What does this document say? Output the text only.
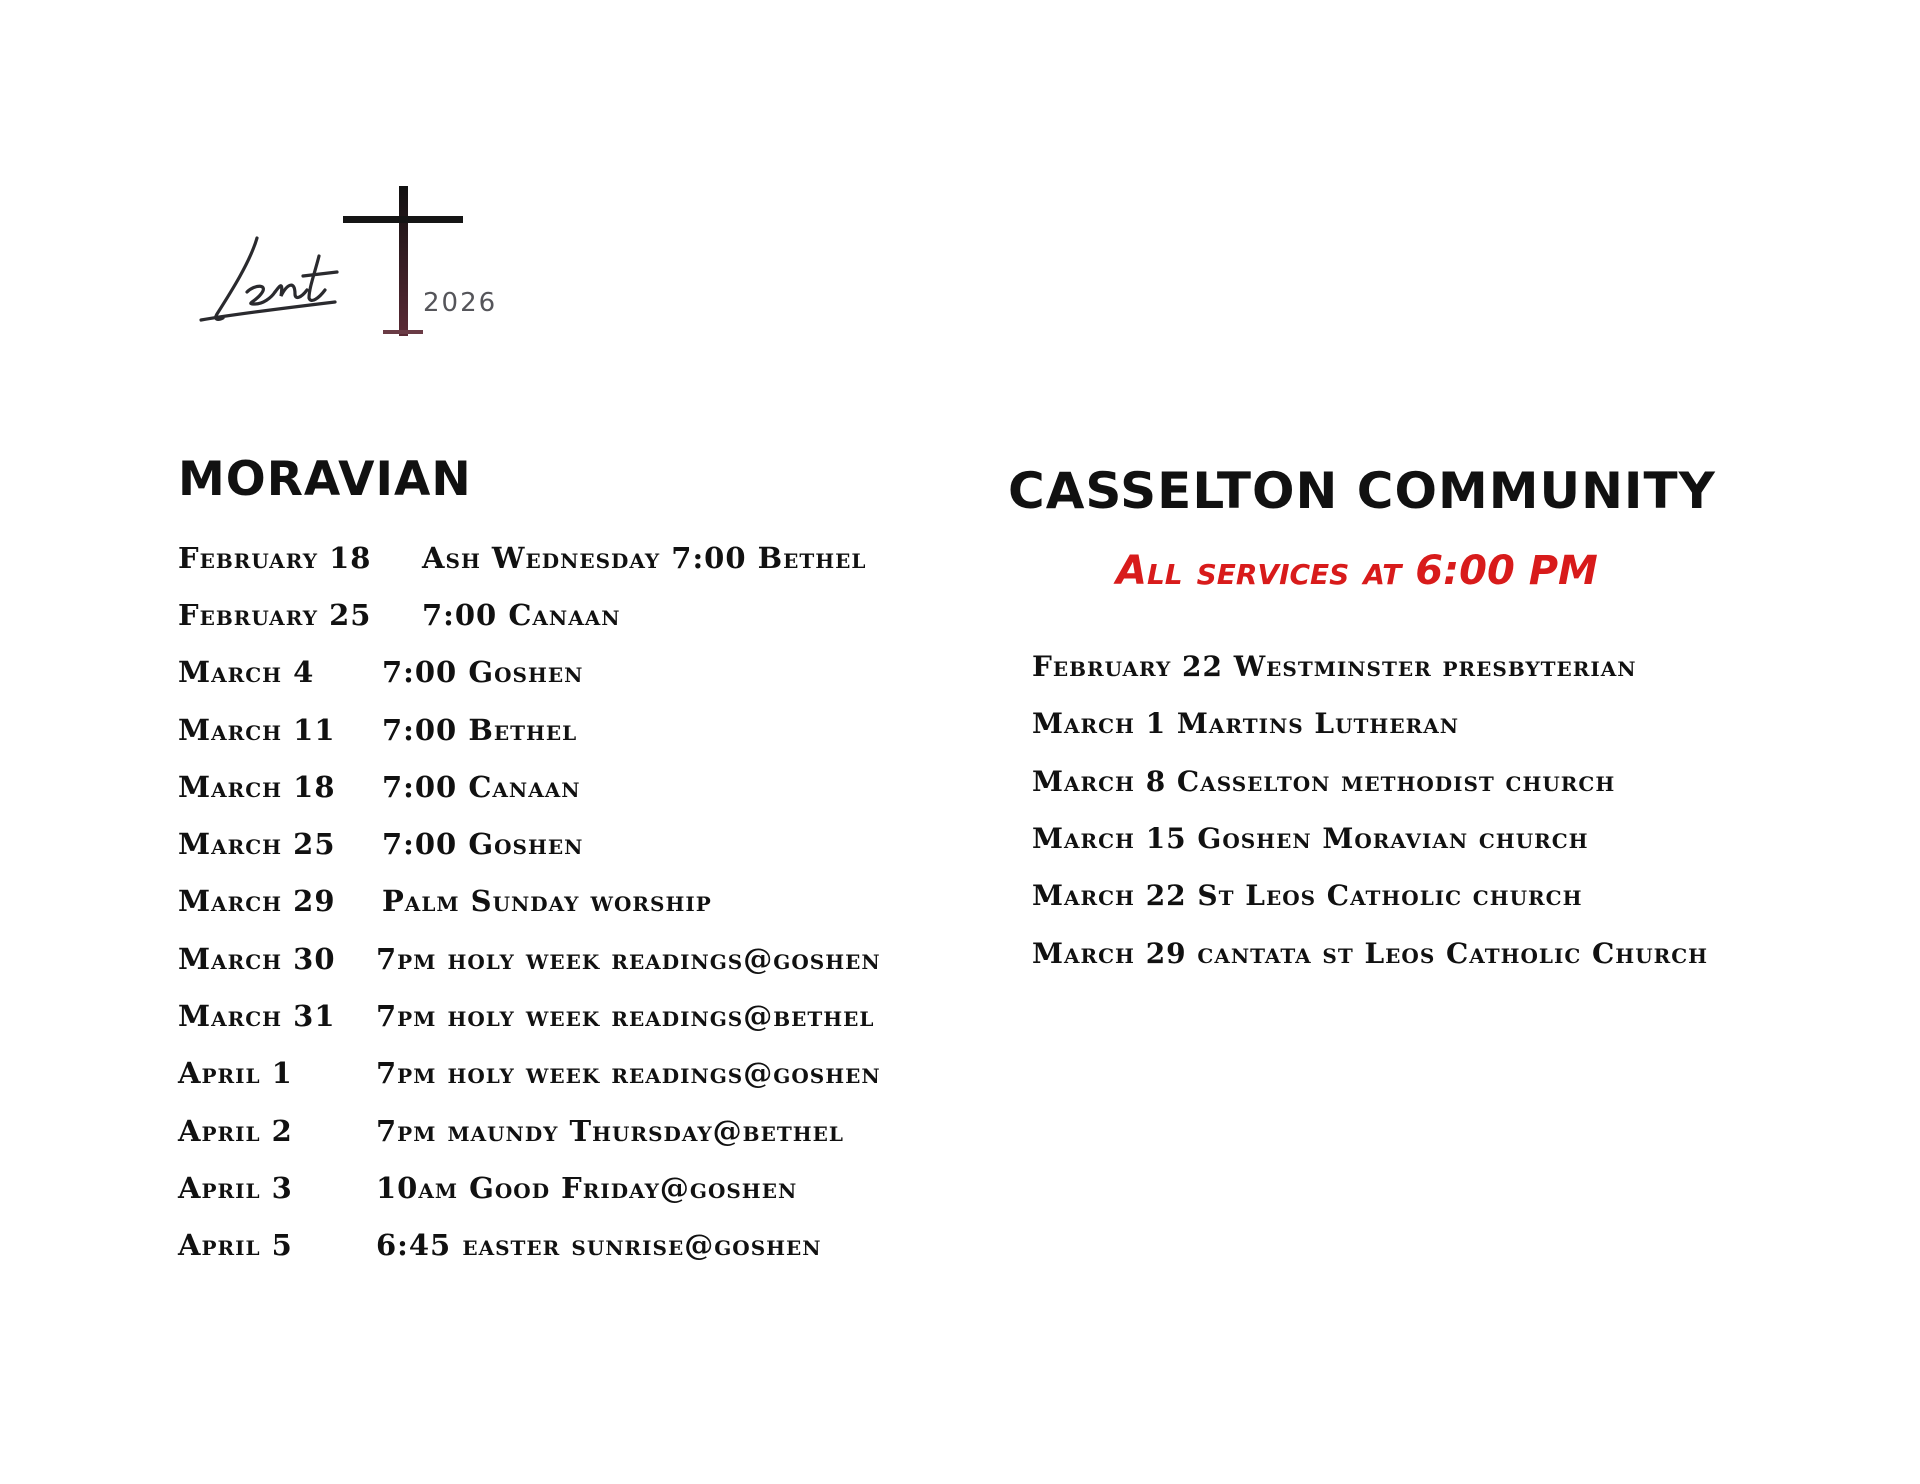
2026
MORAVIAN
February 18	Ash Wednesday 7:00 Bethel
February 25	7:00 Canaan
March 4	7:00 Goshen
March 11	7:00 Bethel
March 18	7:00 Canaan
March 25	7:00 Goshen
March 29	Palm Sunday worship
March 30	7pm holy week readings@goshen
March 31	7pm holy week readings@bethel
April 1	7pm holy week readings@goshen
April 2	7pm maundy Thursday@bethel
April 3	10am Good Friday@goshen
April 5	6:45 easter sunrise@goshen
CASSELTON COMMUNITY
All services at 6:00 PM
February 22 Westminster presbyterian
March 1 Martins Lutheran
March 8 Casselton methodist church
March 15 Goshen Moravian church
March 22 St Leos Catholic church
March 29 cantata st Leos Catholic Church
